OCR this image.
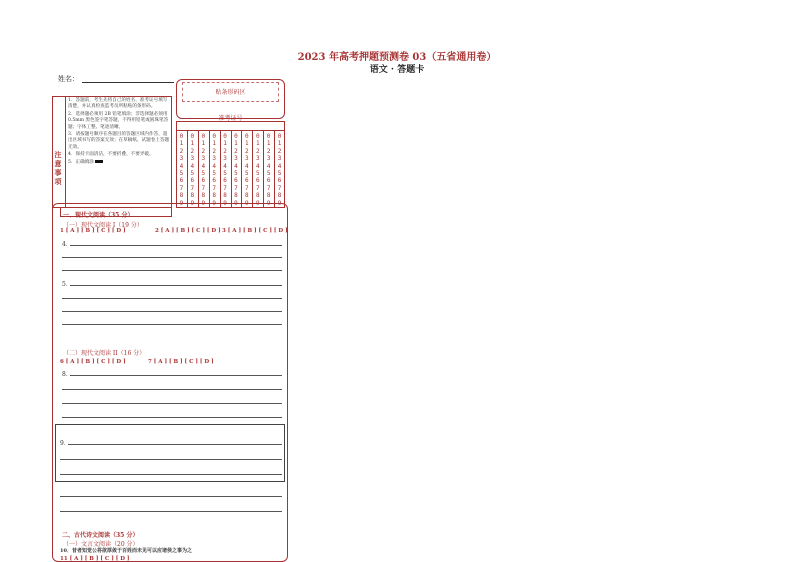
2023 年高考押题预测卷 03（五省通用卷）
语文 · 答题卡
姓名：
注意事项
1．答题前，考生先将自己的姓名、准考证号填写清楚，并认真检查监考员所粘贴的条形码。
2．选择题必须用 2B 铅笔填涂；非选择题必须用 0.5mm 黑色签字笔答题，不得用铅笔或圆珠笔答题；字体工整、笔迹清晰。
3．请按题号顺序在各题目的答题区域内作答，超出区域书写的答案无效；在草稿纸、试题卷上答题无效。
4．保持卡面清洁，不要折叠、不要弄破。
5．正确填涂
贴条形码区
准考证号
0
1
2
3
4
5
6
7
8
9
0
1
2
3
4
5
6
7
8
9
0
1
2
3
4
5
6
7
8
9
0
1
2
3
4
5
6
7
8
9
0
1
2
3
4
5
6
7
8
9
0
1
2
3
4
5
6
7
8
9
0
1
2
3
4
5
6
7
8
9
0
1
2
3
4
5
6
7
8
9
0
1
2
3
4
5
6
7
8
9
0
1
2
3
4
5
6
7
8
9
一、现代文阅读（35 分）
（一）现代文阅读 I（19 分）
1 [ A ] [ B ] [ C ] [ D ]	2 [ A ] [ B ] [ C ] [ D ] 3 [ A ] [ B ] [ C ] [ D ]
4．
5．
（二）现代文阅读 II（16 分）
6 [ A ] [ B ] [ C ] [ D ]	7 [ A ] [ B ] [ C ] [ D ]
8．
9．
二、古代诗文阅读（35 分）
（一）文言文阅读（20 分）
10．昔者知觉公将欲厚敛于百姓而未见可以应诸侯之事为之
11 [ A ] [ B ] [ C ] [ D ]
